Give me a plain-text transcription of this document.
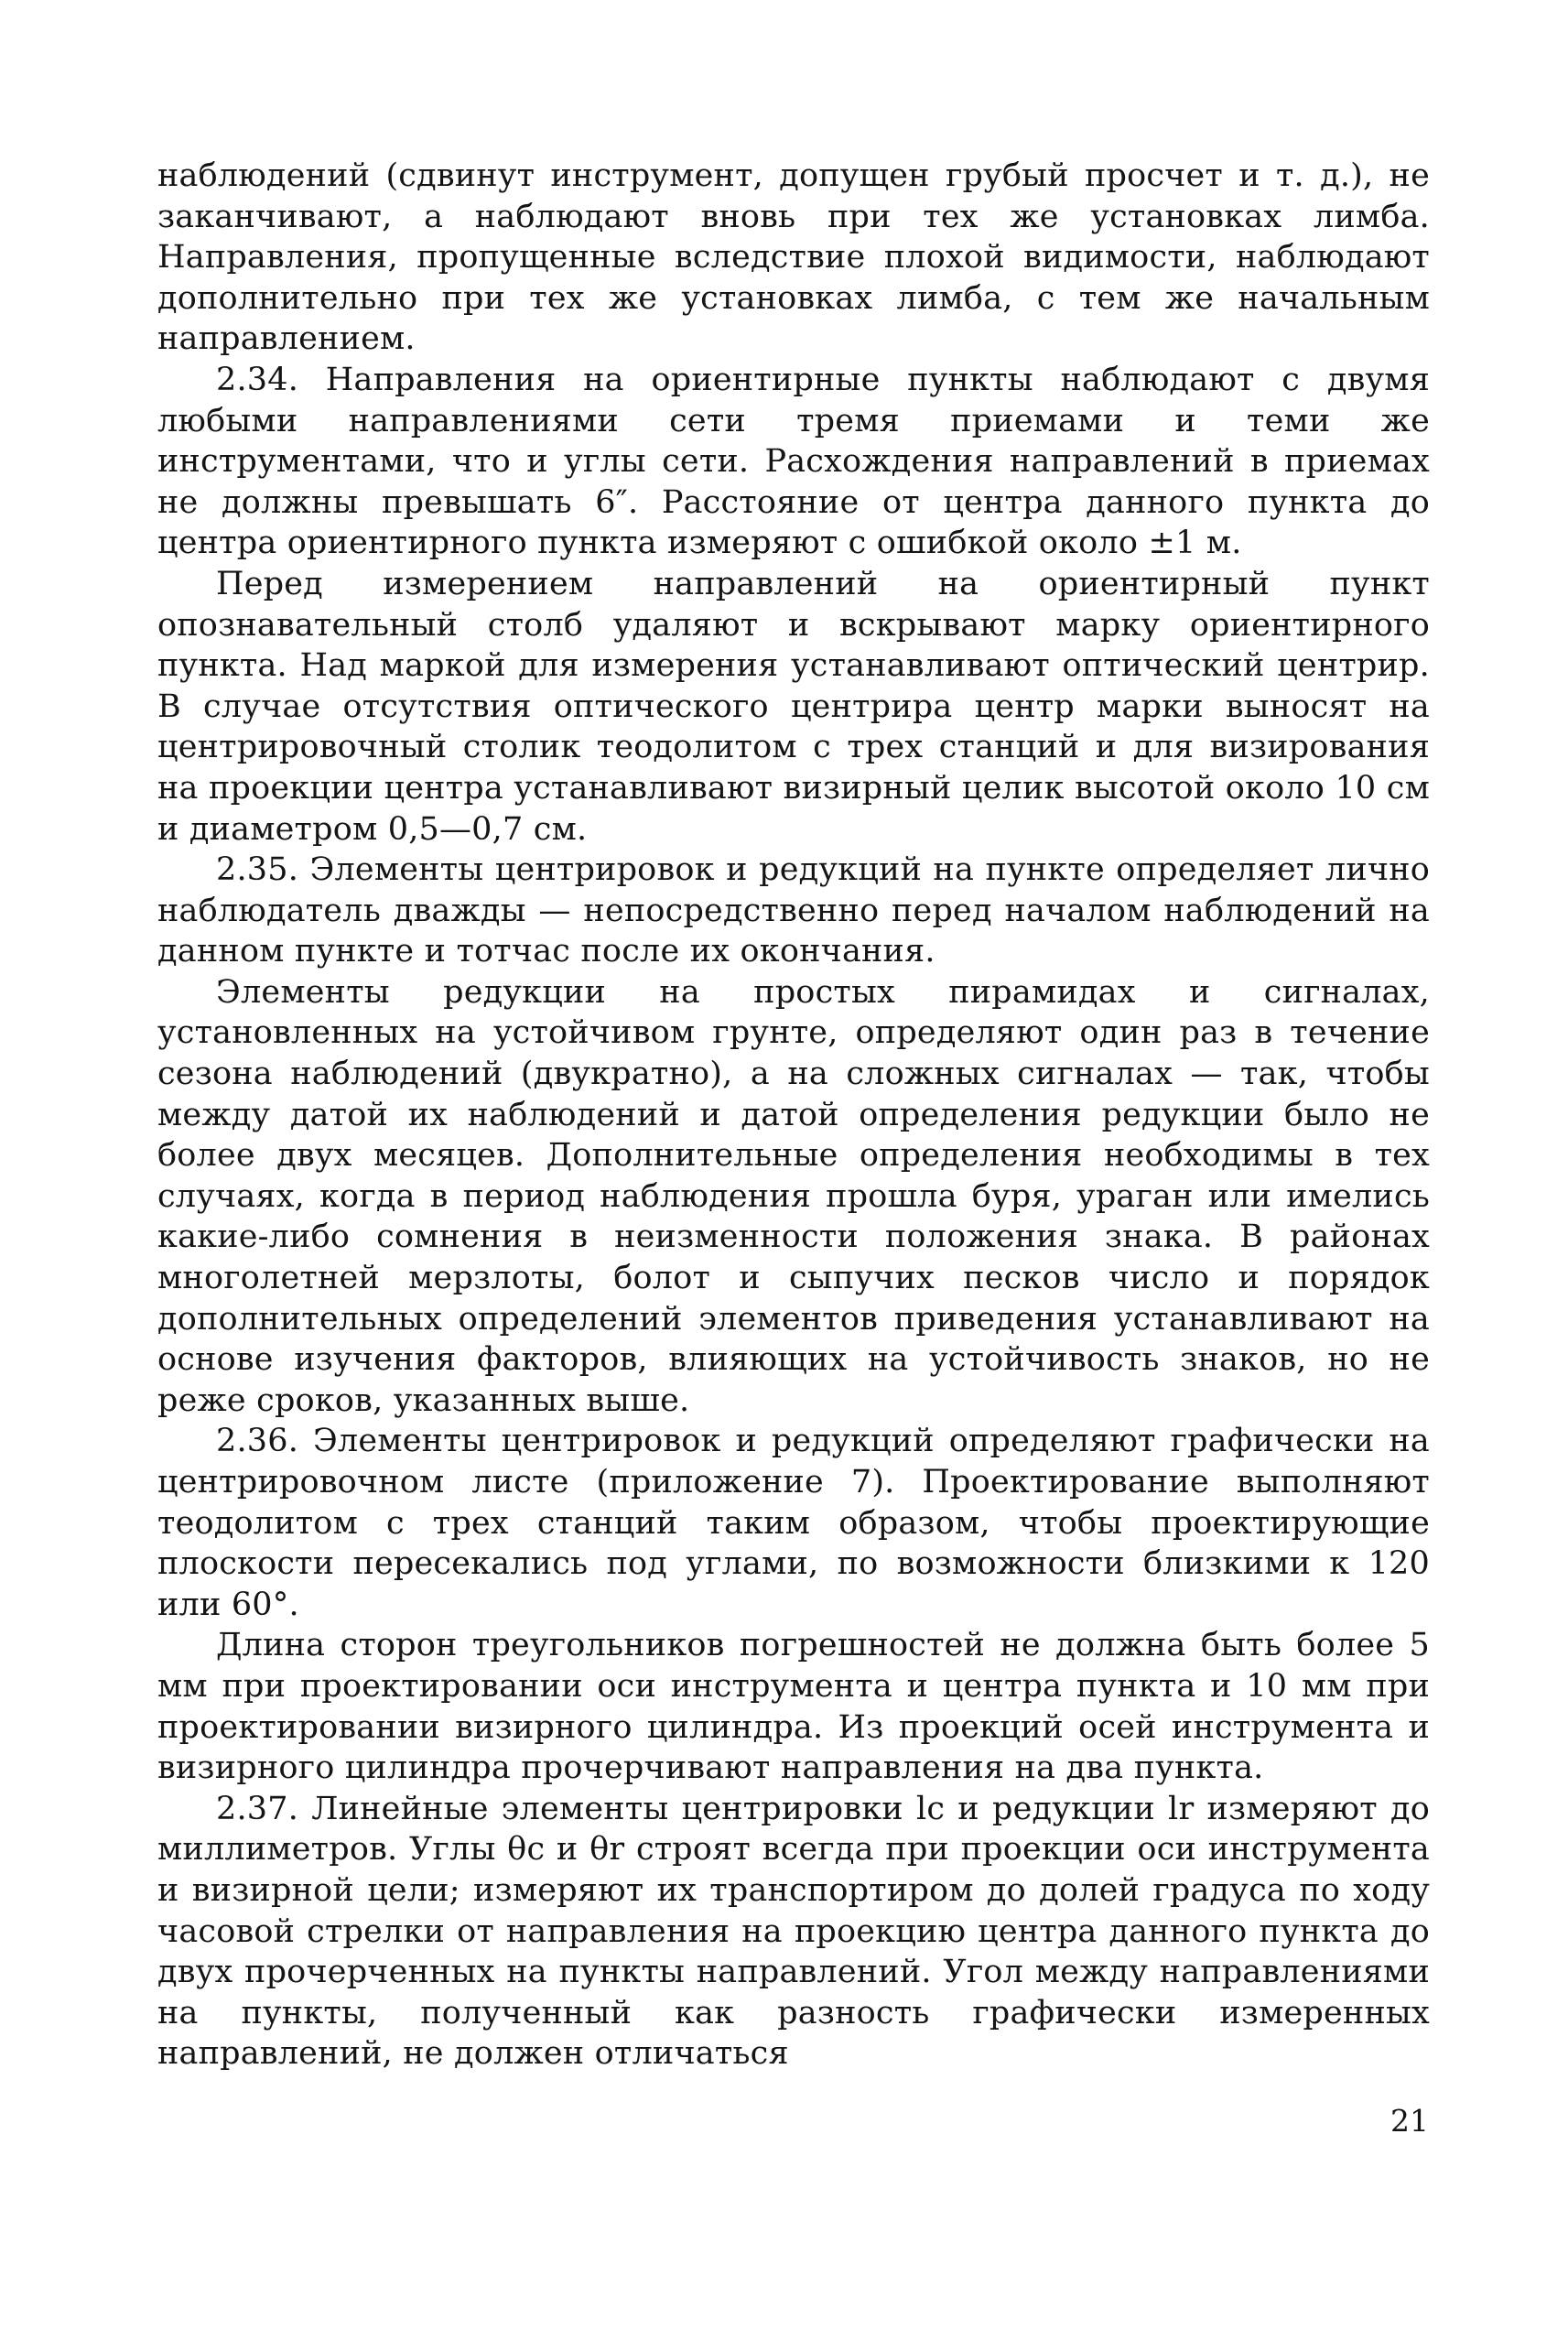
наблюдений (сдвинут инструмент, допущен грубый просчет и т. д.), не заканчивают, а наблюдают вновь при тех же установках лимба. Направления, пропущенные вследствие плохой видимости, наблюдают дополнительно при тех же установках лимба, с тем же начальным направлением.

2.34. Направления на ориентирные пункты наблюдают с двумя любыми направлениями сети тремя приемами и теми же инструментами, что и углы сети. Расхождения направлений в приемах не должны превышать 6″. Расстояние от центра данного пункта до центра ориентирного пункта измеряют с ошибкой около ±1 м.

Перед измерением направлений на ориентирный пункт опознавательный столб удаляют и вскрывают марку ориентирного пункта. Над маркой для измерения устанавливают оптический центрир. В случае отсутствия оптического центрира центр марки выносят на центрировочный столик теодолитом с трех станций и для визирования на проекции центра устанавливают визирный целик высотой около 10 см и диаметром 0,5—0,7 см.

2.35. Элементы центрировок и редукций на пункте определяет лично наблюдатель дважды — непосредственно перед началом наблюдений на данном пункте и тотчас после их окончания.

Элементы редукции на простых пирамидах и сигналах, установленных на устойчивом грунте, определяют один раз в течение сезона наблюдений (двукратно), а на сложных сигналах — так, чтобы между датой их наблюдений и датой определения редукции было не более двух месяцев. Дополнительные определения необходимы в тех случаях, когда в период наблюдения прошла буря, ураган или имелись какие-либо сомнения в неизменности положения знака. В районах многолетней мерзлоты, болот и сыпучих песков число и порядок дополнительных определений элементов приведения устанавливают на основе изучения факторов, влияющих на устойчивость знаков, но не реже сроков, указанных выше.

2.36. Элементы центрировок и редукций определяют графически на центрировочном листе (приложение 7). Проектирование выполняют теодолитом с трех станций таким образом, чтобы проектирующие плоскости пересекались под углами, по возможности близкими к 120 или 60°.

Длина сторон треугольников погрешностей не должна быть более 5 мм при проектировании оси инструмента и центра пункта и 10 мм при проектировании визирного цилиндра. Из проекций осей инструмента и визирного цилиндра прочерчивают направления на два пункта.

2.37. Линейные элементы центрировки lc и редукции lr измеряют до миллиметров. Углы θc и θr строят всегда при проекции оси инструмента и визирной цели; измеряют их транспортиром до долей градуса по ходу часовой стрелки от направления на проекцию центра данного пункта до двух прочерченных на пункты направлений. Угол между направлениями на пункты, полученный как разность графически измеренных направлений, не должен отличаться

21
